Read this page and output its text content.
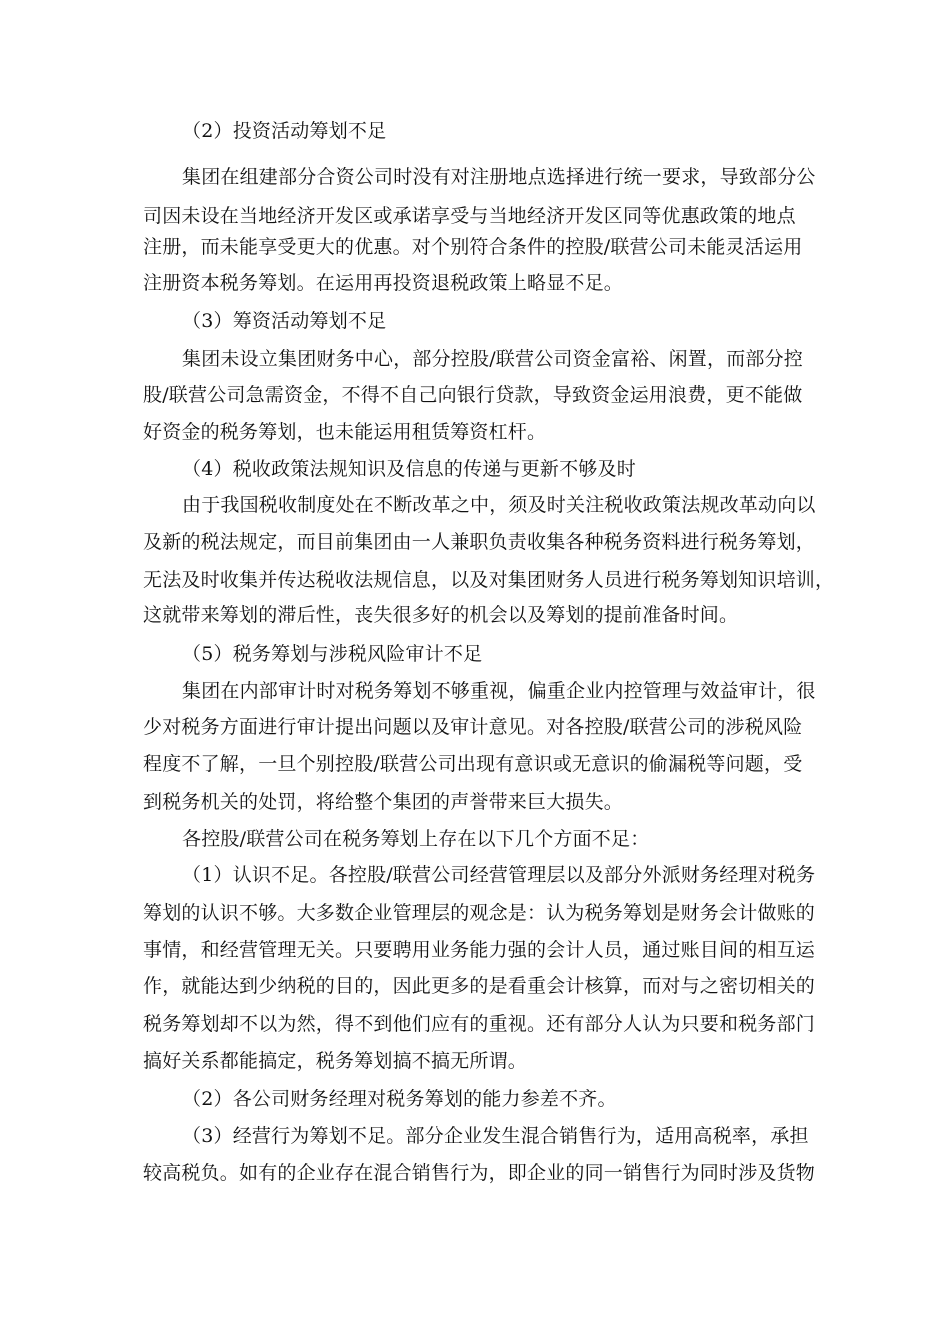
（2）投资活动筹划不足
集团在组建部分合资公司时没有对注册地点选择进行统一要求，导致部分公
司因未设在当地经济开发区或承诺享受与当地经济开发区同等优惠政策的地点
注册，而未能享受更大的优惠。对个别符合条件的控股/联营公司未能灵活运用
注册资本税务筹划。在运用再投资退税政策上略显不足。
（3）筹资活动筹划不足
集团未设立集团财务中心，部分控股/联营公司资金富裕、闲置，而部分控
股/联营公司急需资金，不得不自己向银行贷款，导致资金运用浪费，更不能做
好资金的税务筹划，也未能运用租赁筹资杠杆。
（4）税收政策法规知识及信息的传递与更新不够及时
由于我国税收制度处在不断改革之中，须及时关注税收政策法规改革动向以
及新的税法规定，而目前集团由一人兼职负责收集各种税务资料进行税务筹划，
无法及时收集并传达税收法规信息，以及对集团财务人员进行税务筹划知识培训，
这就带来筹划的滞后性，丧失很多好的机会以及筹划的提前准备时间。
（5）税务筹划与涉税风险审计不足
集团在内部审计时对税务筹划不够重视，偏重企业内控管理与效益审计，很
少对税务方面进行审计提出问题以及审计意见。对各控股/联营公司的涉税风险
程度不了解，一旦个别控股/联营公司出现有意识或无意识的偷漏税等问题，受
到税务机关的处罚，将给整个集团的声誉带来巨大损失。
各控股/联营公司在税务筹划上存在以下几个方面不足：
（1）认识不足。各控股/联营公司经营管理层以及部分外派财务经理对税务
筹划的认识不够。大多数企业管理层的观念是：认为税务筹划是财务会计做账的
事情，和经营管理无关。只要聘用业务能力强的会计人员，通过账目间的相互运
作，就能达到少纳税的目的，因此更多的是看重会计核算，而对与之密切相关的
税务筹划却不以为然，得不到他们应有的重视。还有部分人认为只要和税务部门
搞好关系都能搞定，税务筹划搞不搞无所谓。
（2）各公司财务经理对税务筹划的能力参差不齐。
（3）经营行为筹划不足。部分企业发生混合销售行为，适用高税率，承担
较高税负。如有的企业存在混合销售行为，即企业的同一销售行为同时涉及货物
